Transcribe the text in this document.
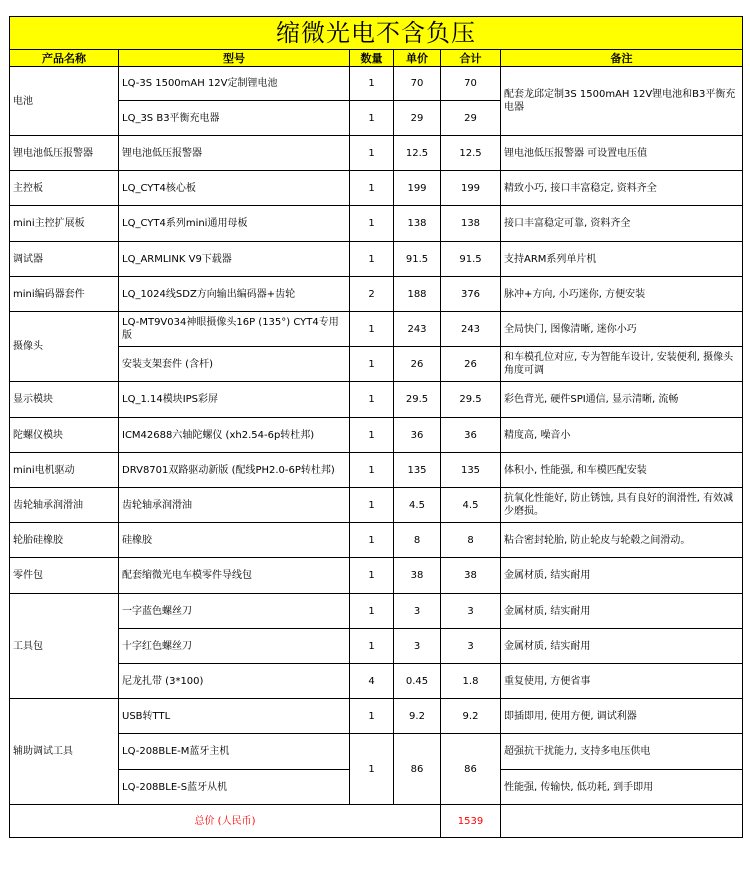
缩微光电不含负压					
产品名称	型号	数量	单价	合计	备注
电池	LQ-3S 1500mAH 12V定制锂电池	1	70	70	配套龙邱定制3S 1500mAH 12V锂电池和B3平衡充电器
	LQ_3S B3平衡充电器	1	29	29	
锂电池低压报警器	锂电池低压报警器	1	12.5	12.5	锂电池低压报警器 可设置电压值
主控板	LQ_CYT4核心板	1	199	199	精致小巧, 接口丰富稳定, 资料齐全
mini主控扩展板	LQ_CYT4系列mini通用母板	1	138	138	接口丰富稳定可靠, 资料齐全
调试器	LQ_ARMLINK V9下载器	1	91.5	91.5	支持ARM系列单片机
mini编码器套件	LQ_1024线SDZ方向输出编码器+齿轮	2	188	376	脉冲+方向, 小巧迷你, 方便安装
摄像头	LQ-MT9V034神眼摄像头16P (135°) CYT4专用版	1	243	243	全局快门, 图像清晰, 迷你小巧
	安装支架套件 (含杆)	1	26	26	和车模孔位对应, 专为智能车设计, 安装便利, 摄像头角度可调
显示模块	LQ_1.14模块IPS彩屏	1	29.5	29.5	彩色背光, 硬件SPI通信, 显示清晰, 流畅
陀螺仪模块	ICM42688六轴陀螺仪 (xh2.54-6p转杜邦)	1	36	36	精度高, 噪音小
mini电机驱动	DRV8701双路驱动新版 (配线PH2.0-6P转杜邦)	1	135	135	体积小, 性能强, 和车模匹配安装
齿轮轴承润滑油	齿轮轴承润滑油	1	4.5	4.5	抗氧化性能好, 防止锈蚀, 具有良好的润滑性, 有效减少磨损。
轮胎硅橡胶	硅橡胶	1	8	8	粘合密封轮胎, 防止轮皮与轮毂之间滑动。
零件包	配套缩微光电车模零件导线包	1	38	38	金属材质, 结实耐用
工具包	一字蓝色螺丝刀	1	3	3	金属材质, 结实耐用
	十字红色螺丝刀	1	3	3	金属材质, 结实耐用
	尼龙扎带 (3*100)	4	0.45	1.8	重复使用, 方便省事
辅助调试工具	USB转TTL	1	9.2	9.2	即插即用, 使用方便, 调试利器
	LQ-208BLE-M蓝牙主机	1	86	86	超强抗干扰能力, 支持多电压供电
	LQ-208BLE-S蓝牙从机				性能强, 传输快, 低功耗, 到手即用
总价 (人民币)				1539	
